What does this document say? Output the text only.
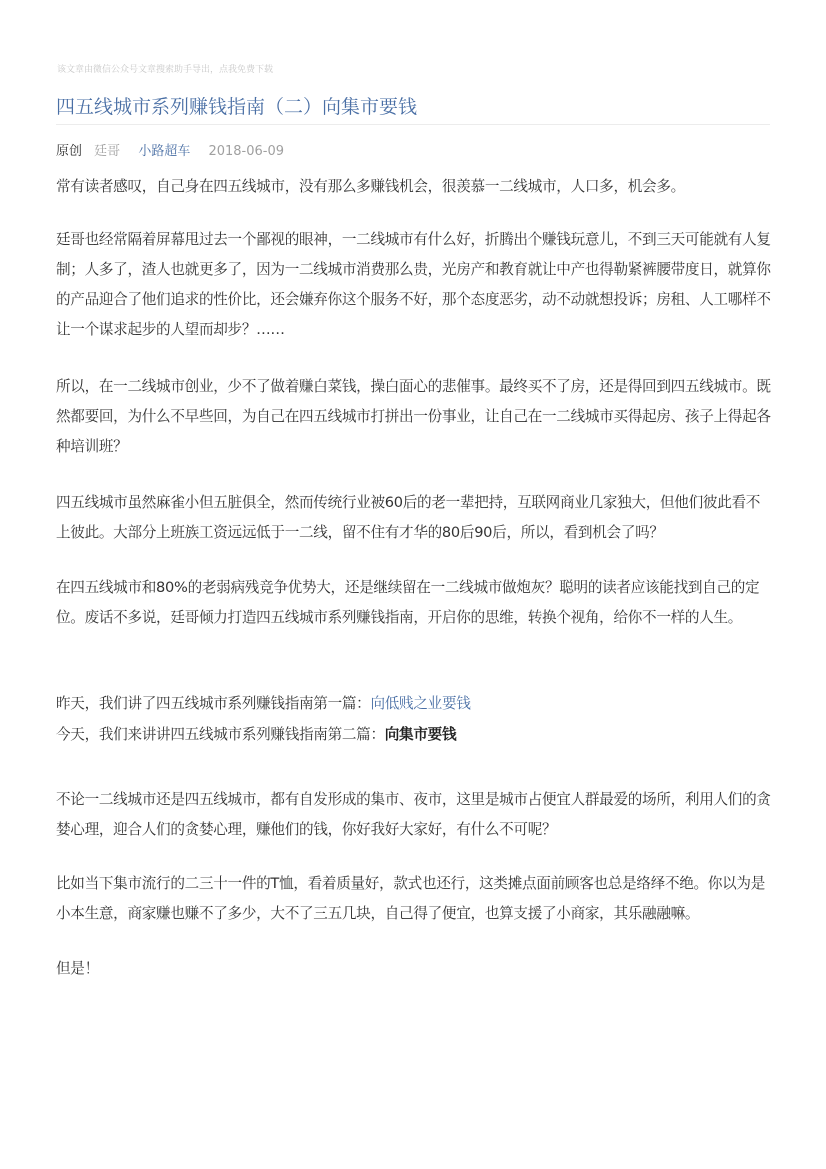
该文章由微信公众号文章搜索助手导出，点我免费下载
四五线城市系列赚钱指南（二）向集市要钱
原创 廷哥 小路超车 2018-06-09

常有读者感叹，自己身在四五线城市，没有那么多赚钱机会，很羡慕一二线城市，人口多，机会多。

廷哥也经常隔着屏幕甩过去一个鄙视的眼神，一二线城市有什么好，折腾出个赚钱玩意儿，不到三天可能就有人复制；人多了，渣人也就更多了，因为一二线城市消费那么贵，光房产和教育就让中产也得勒紧裤腰带度日，就算你的产品迎合了他们追求的性价比，还会嫌弃你这个服务不好，那个态度恶劣，动不动就想投诉；房租、人工哪样不让一个谋求起步的人望而却步？……

所以，在一二线城市创业，少不了做着赚白菜钱，操白面心的悲催事。最终买不了房，还是得回到四五线城市。既然都要回，为什么不早些回，为自己在四五线城市打拼出一份事业，让自己在一二线城市买得起房、孩子上得起各种培训班？

四五线城市虽然麻雀小但五脏俱全，然而传统行业被60后的老一辈把持，互联网商业几家独大，但他们彼此看不上彼此。大部分上班族工资远远低于一二线，留不住有才华的80后90后，所以，看到机会了吗？

在四五线城市和80%的老弱病残竞争优势大，还是继续留在一二线城市做炮灰？聪明的读者应该能找到自己的定位。废话不多说，廷哥倾力打造四五线城市系列赚钱指南，开启你的思维，转换个视角，给你不一样的人生。

昨天，我们讲了四五线城市系列赚钱指南第一篇：向低贱之业要钱

今天，我们来讲讲四五线城市系列赚钱指南第二篇：向集市要钱

不论一二线城市还是四五线城市，都有自发形成的集市、夜市，这里是城市占便宜人群最爱的场所，利用人们的贪婪心理，迎合人们的贪婪心理，赚他们的钱，你好我好大家好，有什么不可呢？

比如当下集市流行的二三十一件的T恤，看着质量好，款式也还行，这类摊点面前顾客也总是络绎不绝。你以为是小本生意，商家赚也赚不了多少，大不了三五几块，自己得了便宜，也算支援了小商家，其乐融融嘛。

但是！
